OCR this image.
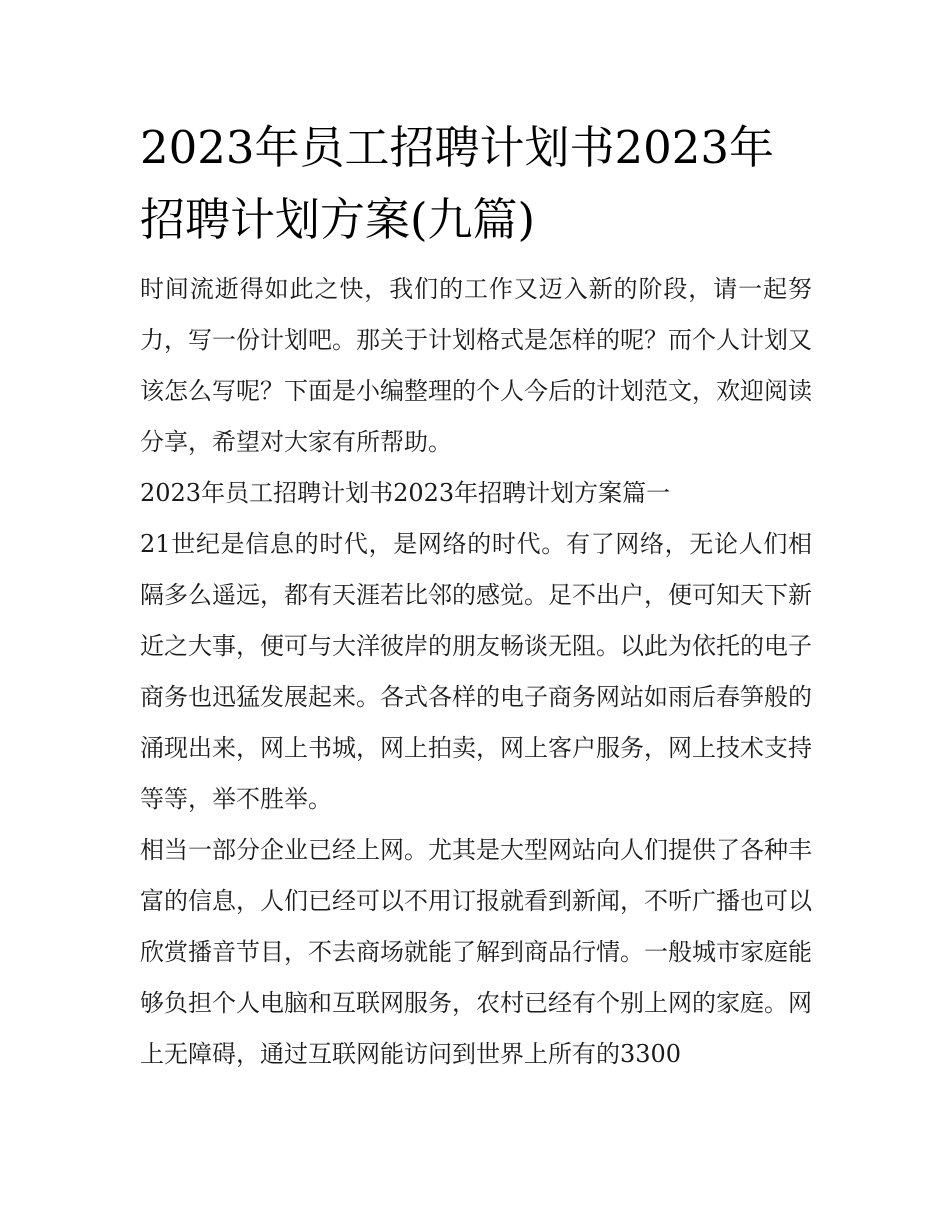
2023年员工招聘计划书2023年招聘计划方案(九篇)

时间流逝得如此之快，我们的工作又迈入新的阶段，请一起努力，写一份计划吧。那关于计划格式是怎样的呢？而个人计划又该怎么写呢？下面是小编整理的个人今后的计划范文，欢迎阅读分享，希望对大家有所帮助。

2023年员工招聘计划书2023年招聘计划方案篇一

21世纪是信息的时代，是网络的时代。有了网络，无论人们相隔多么遥远，都有天涯若比邻的感觉。足不出户，便可知天下新近之大事，便可与大洋彼岸的朋友畅谈无阻。以此为依托的电子商务也迅猛发展起来。各式各样的电子商务网站如雨后春笋般的涌现出来，网上书城，网上拍卖，网上客户服务，网上技术支持等等，举不胜举。

相当一部分企业已经上网。尤其是大型网站向人们提供了各种丰富的信息，人们已经可以不用订报就看到新闻，不听广播也可以欣赏播音节目，不去商场就能了解到商品行情。一般城市家庭能够负担个人电脑和互联网服务，农村已经有个别上网的家庭。网上无障碍，通过互联网能访问到世界上所有的3300
